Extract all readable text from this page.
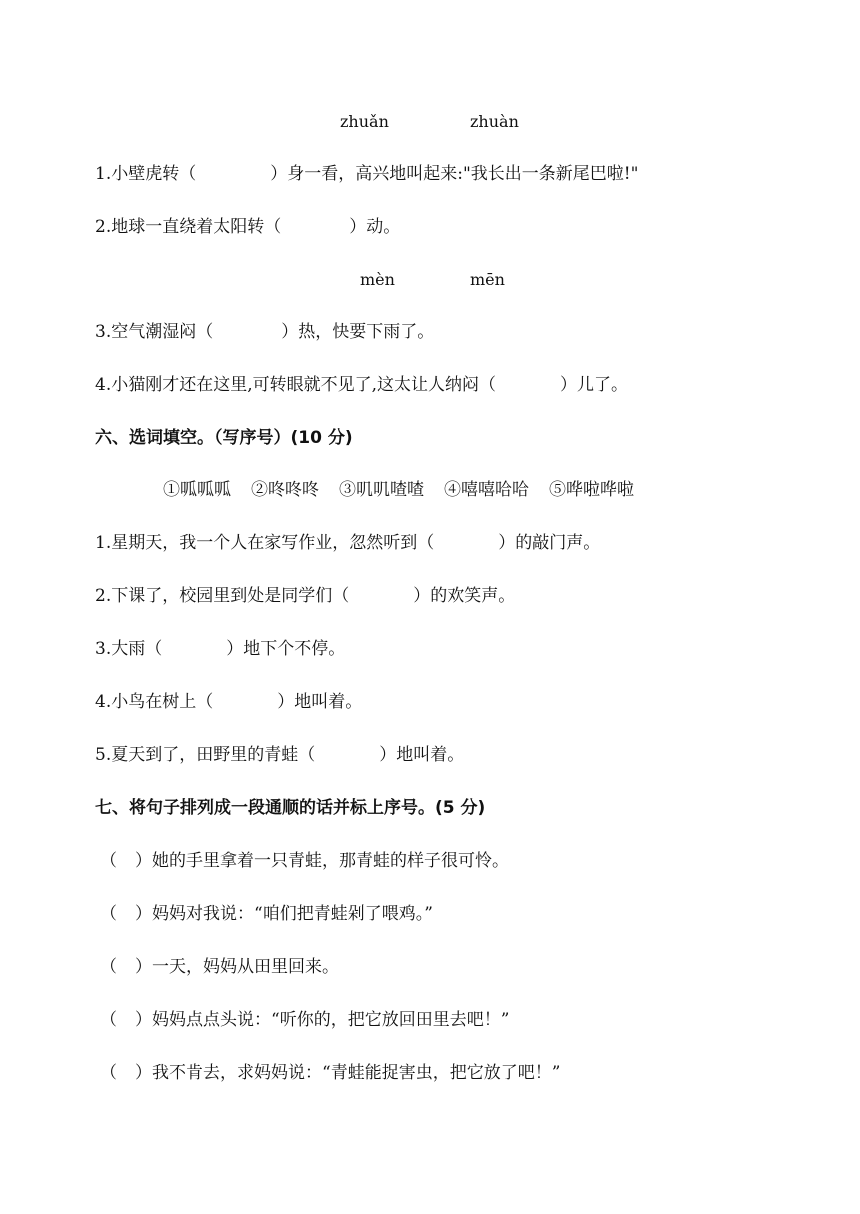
zhuǎn	zhuàn
1.小壁虎转（	）身一看，高兴地叫起来:"我长出一条新尾巴啦!"
2.地球一直绕着太阳转（	）动。
mèn	mēn
3.空气潮湿闷（	）热，快要下雨了。
4.小猫刚才还在这里,可转眼就不见了,这太让人纳闷（	）儿了。
六、选词填空。（写序号）(10 分)
①呱呱呱 ②咚咚咚 ③叽叽喳喳 ④嘻嘻哈哈 ⑤哗啦哗啦
1.星期天，我一个人在家写作业，忽然听到（	）的敲门声。
2.下课了，校园里到处是同学们（	）的欢笑声。
3.大雨（	）地下个不停。
4.小鸟在树上（	）地叫着。
5.夏天到了，田野里的青蛙（	）地叫着。
七、将句子排列成一段通顺的话并标上序号。(5 分)
（ ）她的手里拿着一只青蛙，那青蛙的样子很可怜。
（ ）妈妈对我说：“咱们把青蛙剁了喂鸡。”
（ ）一天，妈妈从田里回来。
（ ）妈妈点点头说：“听你的，把它放回田里去吧！”
（ ）我不肯去，求妈妈说：“青蛙能捉害虫，把它放了吧！”
